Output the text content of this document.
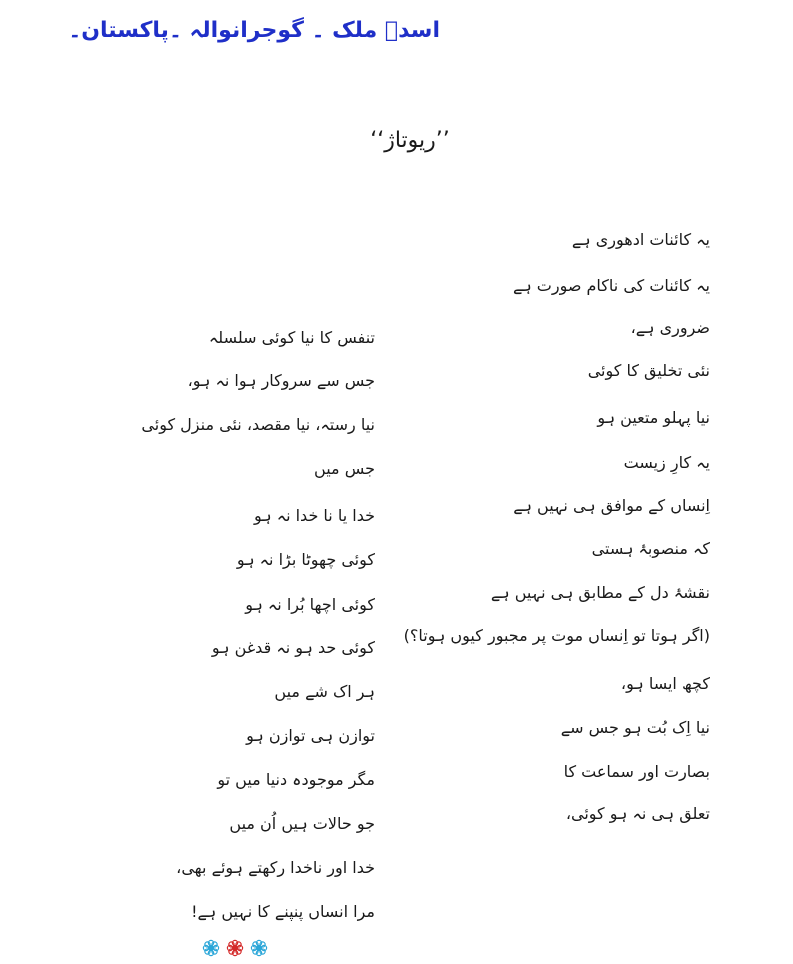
اسدؔ ملک ۔ گوجرانوالہ ۔پاکستان۔
’’ریوتاژ‘‘
یہ کائنات ادھوری ہے
یہ کائنات کی ناکام صورت ہے
ضروری ہے،
نئی تخلیق کا کوئی
نیا پہلو متعین ہو
یہ کارِ زیست
اِنساں کے موافق ہی نہیں ہے
کہ منصوبۂ ہستی
نقشۂ دل کے مطابق ہی نہیں ہے
(اگر ہوتا تو اِنساں موت پر مجبور کیوں ہوتا؟)
کچھ ایسا ہو،
نیا اِک بُت ہو جس سے
بصارت اور سماعت کا
تعلق ہی نہ ہو کوئی،
تنفس کا نیا کوئی سلسلہ
جس سے سروکار ہوا نہ ہو،
نیا رستہ، نیا مقصد، نئی منزل کوئی
جس میں
خدا یا نا خدا نہ ہو
کوئی چھوٹا بڑا نہ ہو
کوئی اچھا بُرا نہ ہو
کوئی حد ہو نہ قدغن ہو
ہر اک شے میں
توازن ہی توازن ہو
مگر موجودہ دنیا میں تو
جو حالات ہیں اُن میں
خدا اور ناخدا رکھتے ہوئے بھی،
مرا انساں پنپنے کا نہیں ہے!
